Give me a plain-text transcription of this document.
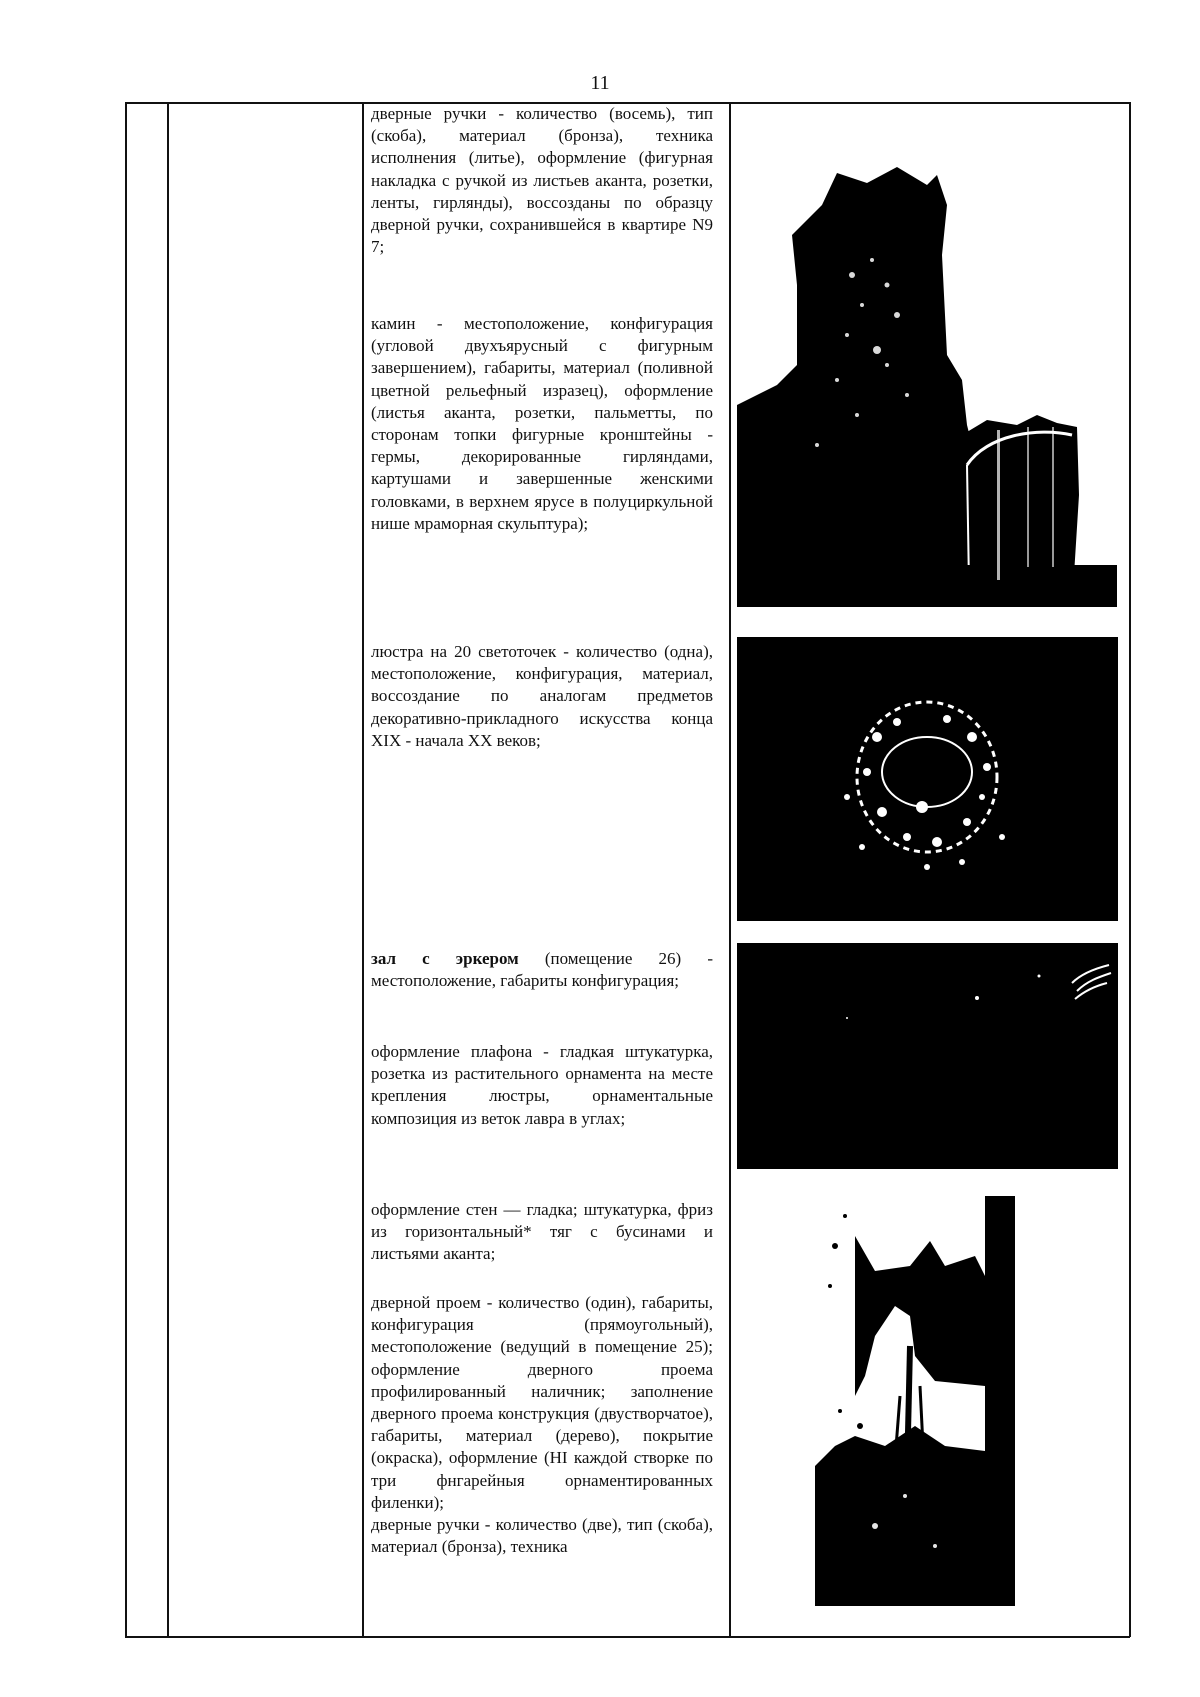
11

дверные ручки - количество (восемь), тип (скоба), материал (бронза), техника исполнения (литье), оформление (фигурная накладка с ручкой из листьев аканта, розетки, ленты, гирлянды), воссозданы по образцу дверной ручки, сохранившейся в квартире N9 7;

камин - местоположение, конфигурация (угловой двухъярусный с фигурным завершением), габариты, материал (поливной цветной рельефный изразец), оформление (листья аканта, розетки, пальметты, по сторонам топки фигурные кронштейны - гермы, декорированные гирляндами, картушами и завершенные женскими головками, в верхнем ярусе в полуциркульной нише мраморная скульптура);

люстра на 20 светоточек - количество (одна), местоположение, конфигурация, материал, воссоздание по аналогам предметов декоративно-прикладного искусства конца XIX - начала XX веков;

зал с эркером (помещение 26) - местоположение, габариты конфигурация;

оформление плафона - гладкая штукатурка, розетка из растительного орнамента на месте крепления люстры, орнаментальные композиция из веток лавра в углах;

оформление стен — гладка; штукатурка, фриз из горизонтальный* тяг с бусинами и листьями аканта;

дверной проем - количество (один), габариты, конфигурация (прямоугольный), местоположение (ведущий в помещение 25); оформление дверного проема профилированный наличник; заполнение дверного проема конструкция (двустворчатое), габариты, материал (дерево), покрытие (окраска), оформление (HI каждой створке по три фнгарейныя орнаментированных филенки);

дверные ручки - количество (две), тип (скоба), материал (бронза), техника
